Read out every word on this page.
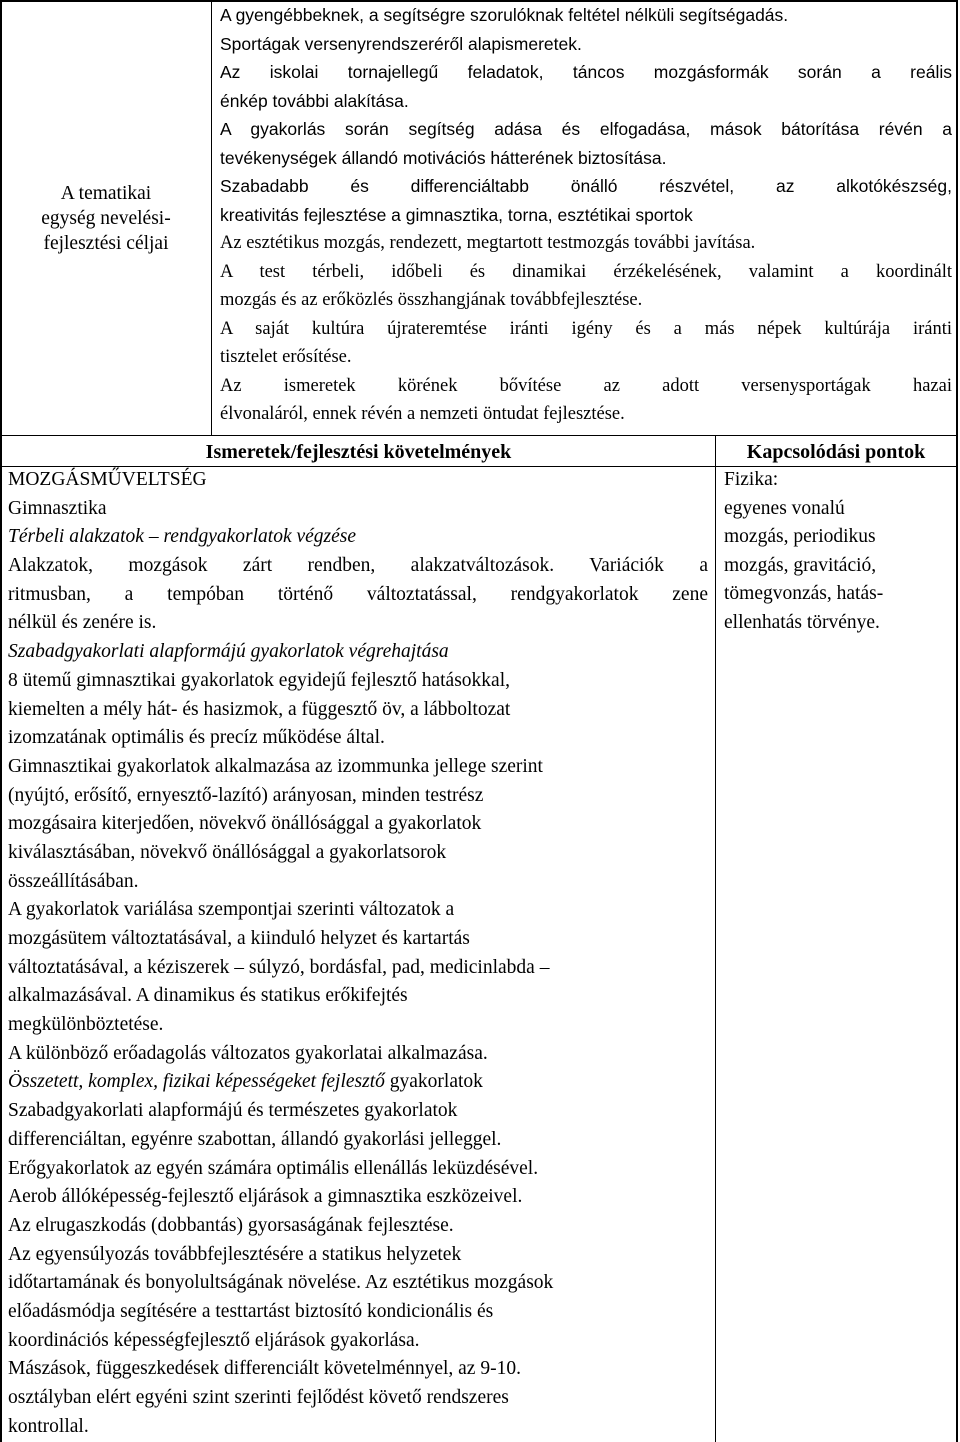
A tematikai
egység nevelési-
fejlesztési céljai
A gyengébbeknek, a segítségre szorulóknak feltétel nélküli segítségadás.
Sportágak versenyrendszeréről alapismeretek.
Az iskolai tornajellegű feladatok, táncos mozgásformák során a reális
énkép további alakítása.
A gyakorlás során segítség adása és elfogadása, mások bátorítása révén a
tevékenységek állandó motivációs hátterének biztosítása.
Szabadabb és differenciáltabb önálló részvétel, az alkotókészség,
kreativitás fejlesztése a gimnasztika, torna, esztétikai sportok
Az esztétikus mozgás, rendezett, megtartott testmozgás további javítása.
A test térbeli, időbeli és dinamikai érzékelésének, valamint a koordinált
mozgás és az erőközlés összhangjának továbbfejlesztése.
A saját kultúra újrateremtése iránti igény és a más népek kultúrája iránti
tisztelet erősítése.
Az ismeretek körének bővítése az adott versenysportágak hazai
élvonaláról, ennek révén a nemzeti öntudat fejlesztése.
Ismeretek/fejlesztési követelmények	Kapcsolódási pontok
MOZGÁSMŰVELTSÉG
Gimnasztika
Térbeli alakzatok – rendgyakorlatok végzése
Alakzatok, mozgások zárt rendben, alakzatváltozások. Variációk a
ritmusban, a tempóban történő változtatással, rendgyakorlatok zene
nélkül és zenére is.
Szabadgyakorlati alapformájú gyakorlatok végrehajtása
8 ütemű gimnasztikai gyakorlatok egyidejű fejlesztő hatásokkal,
kiemelten a mély hát- és hasizmok, a függesztő öv, a lábboltozat
izomzatának optimális és precíz működése által.
Gimnasztikai gyakorlatok alkalmazása az izommunka jellege szerint
(nyújtó, erősítő, ernyesztő-lazító) arányosan, minden testrész
mozgásaira kiterjedően, növekvő önállósággal a gyakorlatok
kiválasztásában, növekvő önállósággal a gyakorlatsorok
összeállításában.
A gyakorlatok variálása szempontjai szerinti változatok a
mozgásütem változtatásával, a kiinduló helyzet és kartartás
változtatásával, a kéziszerek – súlyzó, bordásfal, pad, medicinlabda –
alkalmazásával. A dinamikus és statikus erőkifejtés
megkülönböztetése.
A különböző erőadagolás változatos gyakorlatai alkalmazása.
Összetett, komplex, fizikai képességeket fejlesztő gyakorlatok
Szabadgyakorlati alapformájú és természetes gyakorlatok
differenciáltan, egyénre szabottan, állandó gyakorlási jelleggel.
Erőgyakorlatok az egyén számára optimális ellenállás leküzdésével.
Aerob állóképesség-fejlesztő eljárások a gimnasztika eszközeivel.
Az elrugaszkodás (dobbantás) gyorsaságának fejlesztése.
Az egyensúlyozás továbbfejlesztésére a statikus helyzetek
időtartamának és bonyolultságának növelése. Az esztétikus mozgások
előadásmódja segítésére a testtartást biztosító kondicionális és
koordinációs képességfejlesztő eljárások gyakorlása.
Mászások, függeszkedések differenciált követelménnyel, az 9-10.
osztályban elért egyéni szint szerinti fejlődést követő rendszeres
kontrollal.
Fizika:
egyenes vonalú
mozgás, periodikus
mozgás, gravitáció,
tömegvonzás, hatás-
ellenhatás törvénye.
